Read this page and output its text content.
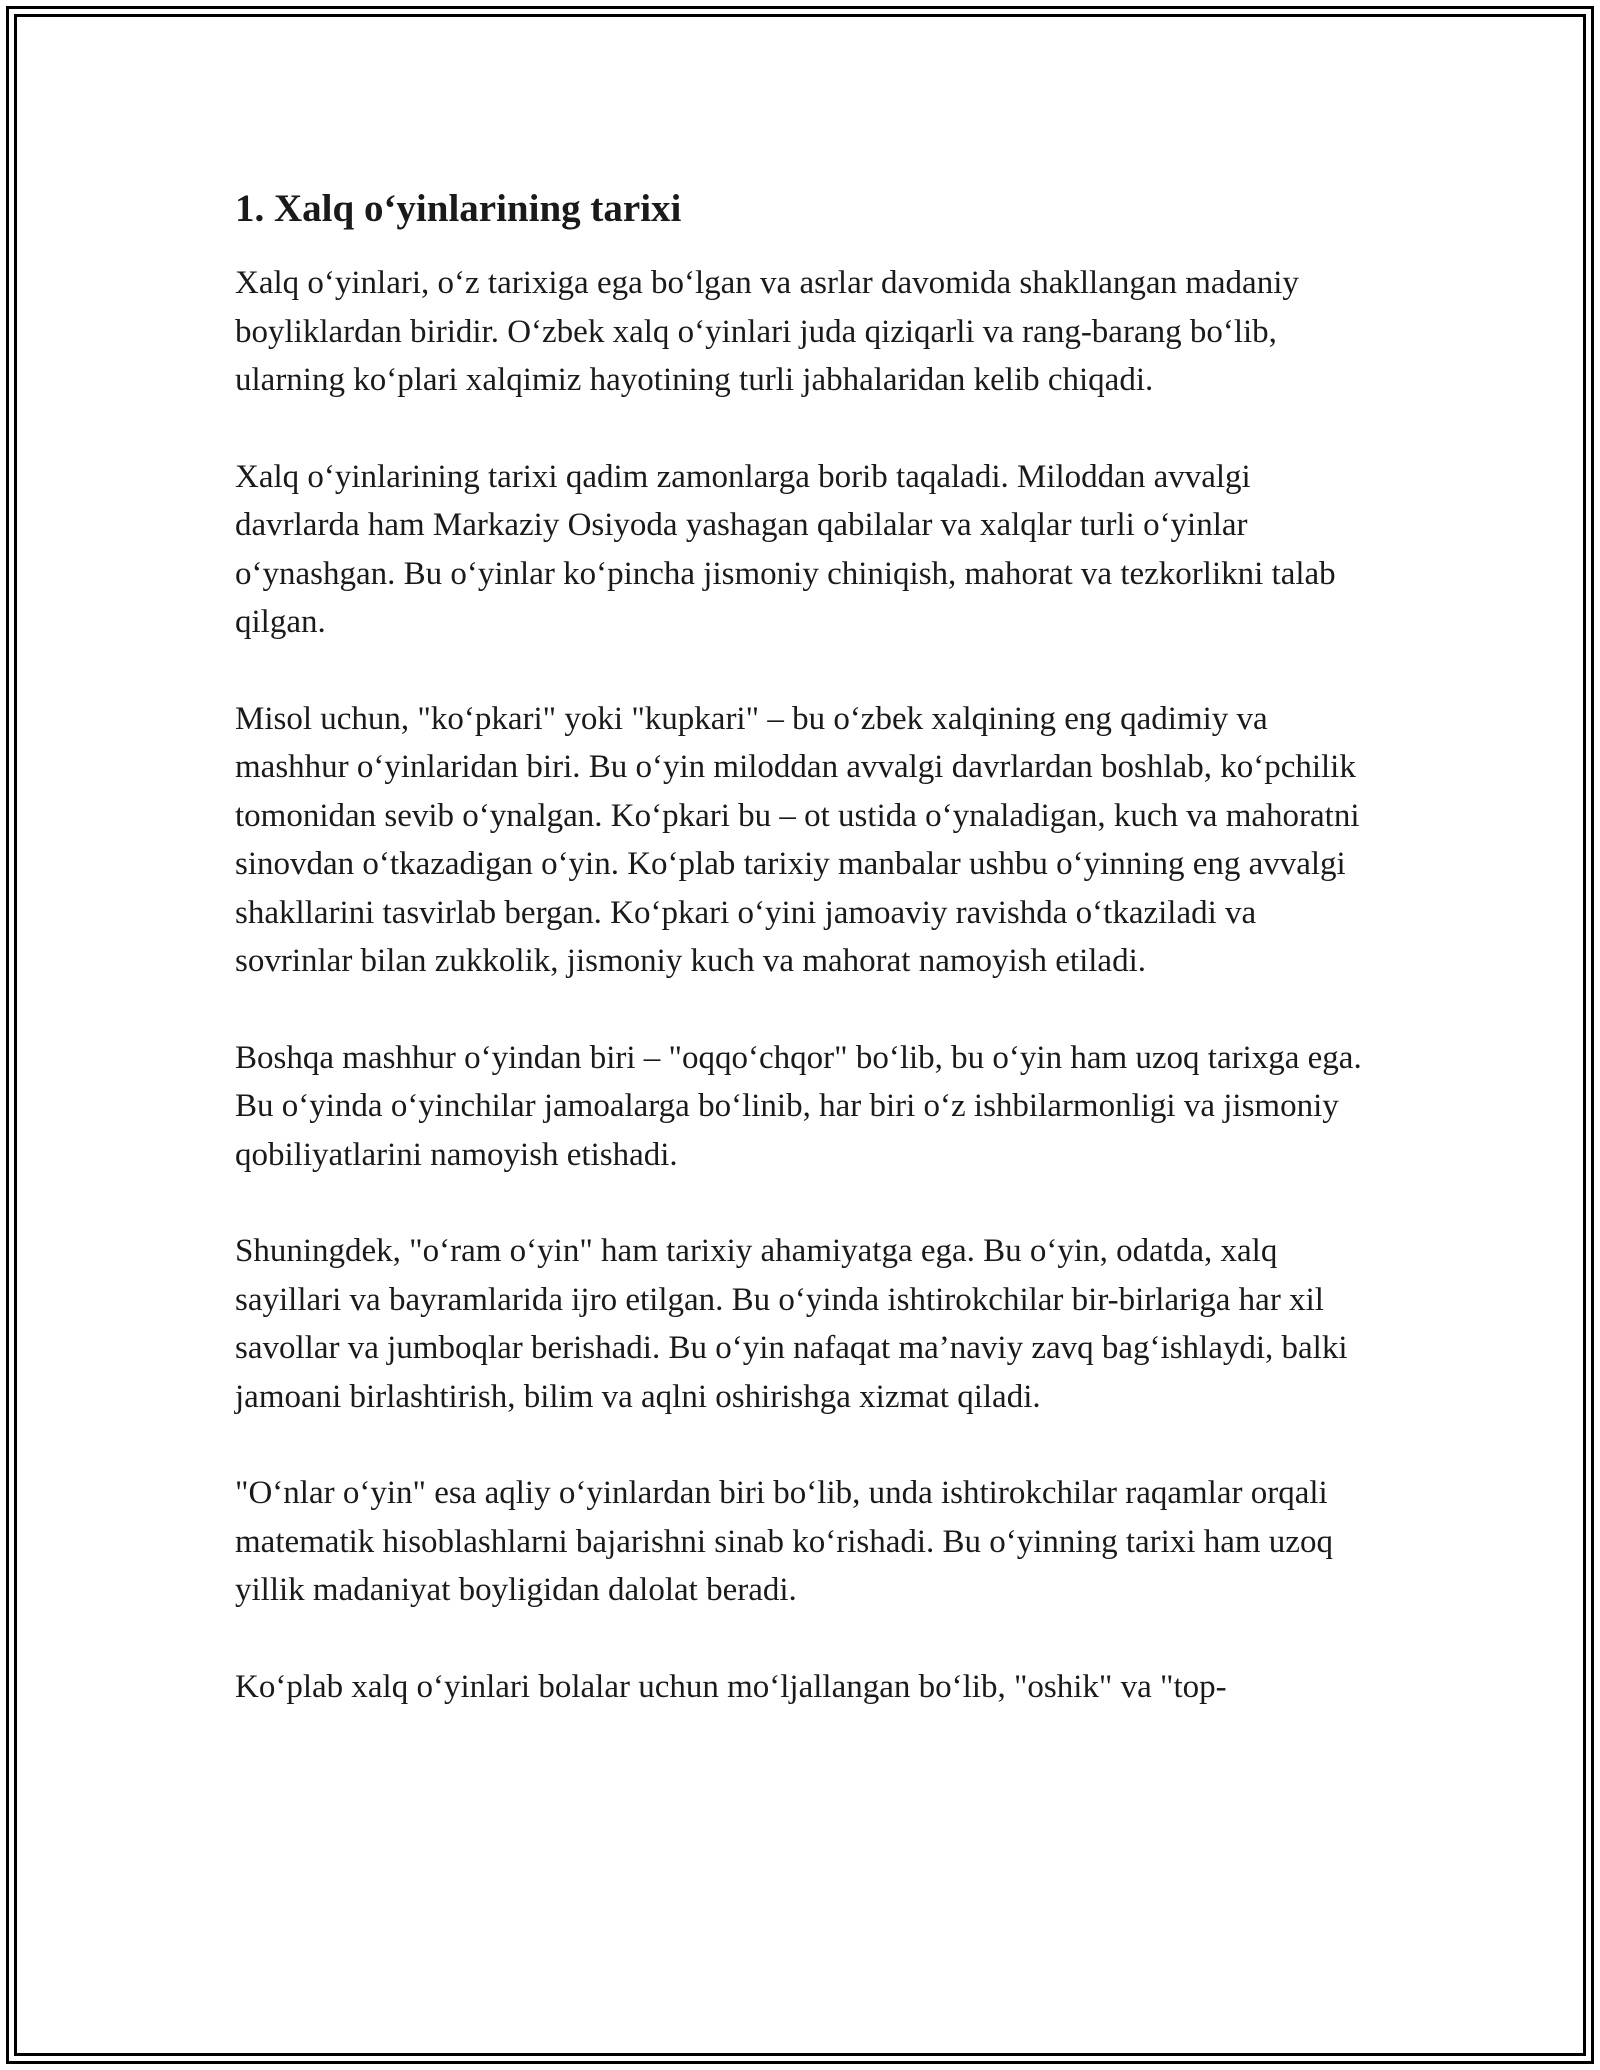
1. Xalq o‘yinlarining tarixi

Xalq o‘yinlari, o‘z tarixiga ega bo‘lgan va asrlar davomida shakllangan madaniy boyliklardan biridir. O‘zbek xalq o‘yinlari juda qiziqarli va rang-barang bo‘lib, ularning ko‘plari xalqimiz hayotining turli jabhalaridan kelib chiqadi.

Xalq o‘yinlarining tarixi qadim zamonlarga borib taqaladi. Miloddan avvalgi davrlarda ham Markaziy Osiyoda yashagan qabilalar va xalqlar turli o‘yinlar o‘ynashgan. Bu o‘yinlar ko‘pincha jismoniy chiniqish, mahorat va tezkorlikni talab qilgan.

Misol uchun, "ko‘pkari" yoki "kupkari" – bu o‘zbek xalqining eng qadimiy va mashhur o‘yinlaridan biri. Bu o‘yin miloddan avvalgi davrlardan boshlab, ko‘pchilik tomonidan sevib o‘ynalgan. Ko‘pkari bu – ot ustida o‘ynaladigan, kuch va mahoratni sinovdan o‘tkazadigan o‘yin. Ko‘plab tarixiy manbalar ushbu o‘yinning eng avvalgi shakllarini tasvirlab bergan. Ko‘pkari o‘yini jamoaviy ravishda o‘tkaziladi va sovrinlar bilan zukkolik, jismoniy kuch va mahorat namoyish etiladi.

Boshqa mashhur o‘yindan biri – "oqqo‘chqor" bo‘lib, bu o‘yin ham uzoq tarixga ega. Bu o‘yinda o‘yinchilar jamoalarga bo‘linib, har biri o‘z ishbilarmonligi va jismoniy qobiliyatlarini namoyish etishadi.

Shuningdek, "o‘ram o‘yin" ham tarixiy ahamiyatga ega. Bu o‘yin, odatda, xalq sayillari va bayramlarida ijro etilgan. Bu o‘yinda ishtirokchilar bir-birlariga har xil savollar va jumboqlar berishadi. Bu o‘yin nafaqat ma’naviy zavq bag‘ishlaydi, balki jamoani birlashtirish, bilim va aqlni oshirishga xizmat qiladi.

"O‘nlar o‘yin" esa aqliy o‘yinlardan biri bo‘lib, unda ishtirokchilar raqamlar orqali matematik hisoblashlarni bajarishni sinab ko‘rishadi. Bu o‘yinning tarixi ham uzoq yillik madaniyat boyligidan dalolat beradi.

Ko‘plab xalq o‘yinlari bolalar uchun mo‘ljallangan bo‘lib, "oshik" va "top-
